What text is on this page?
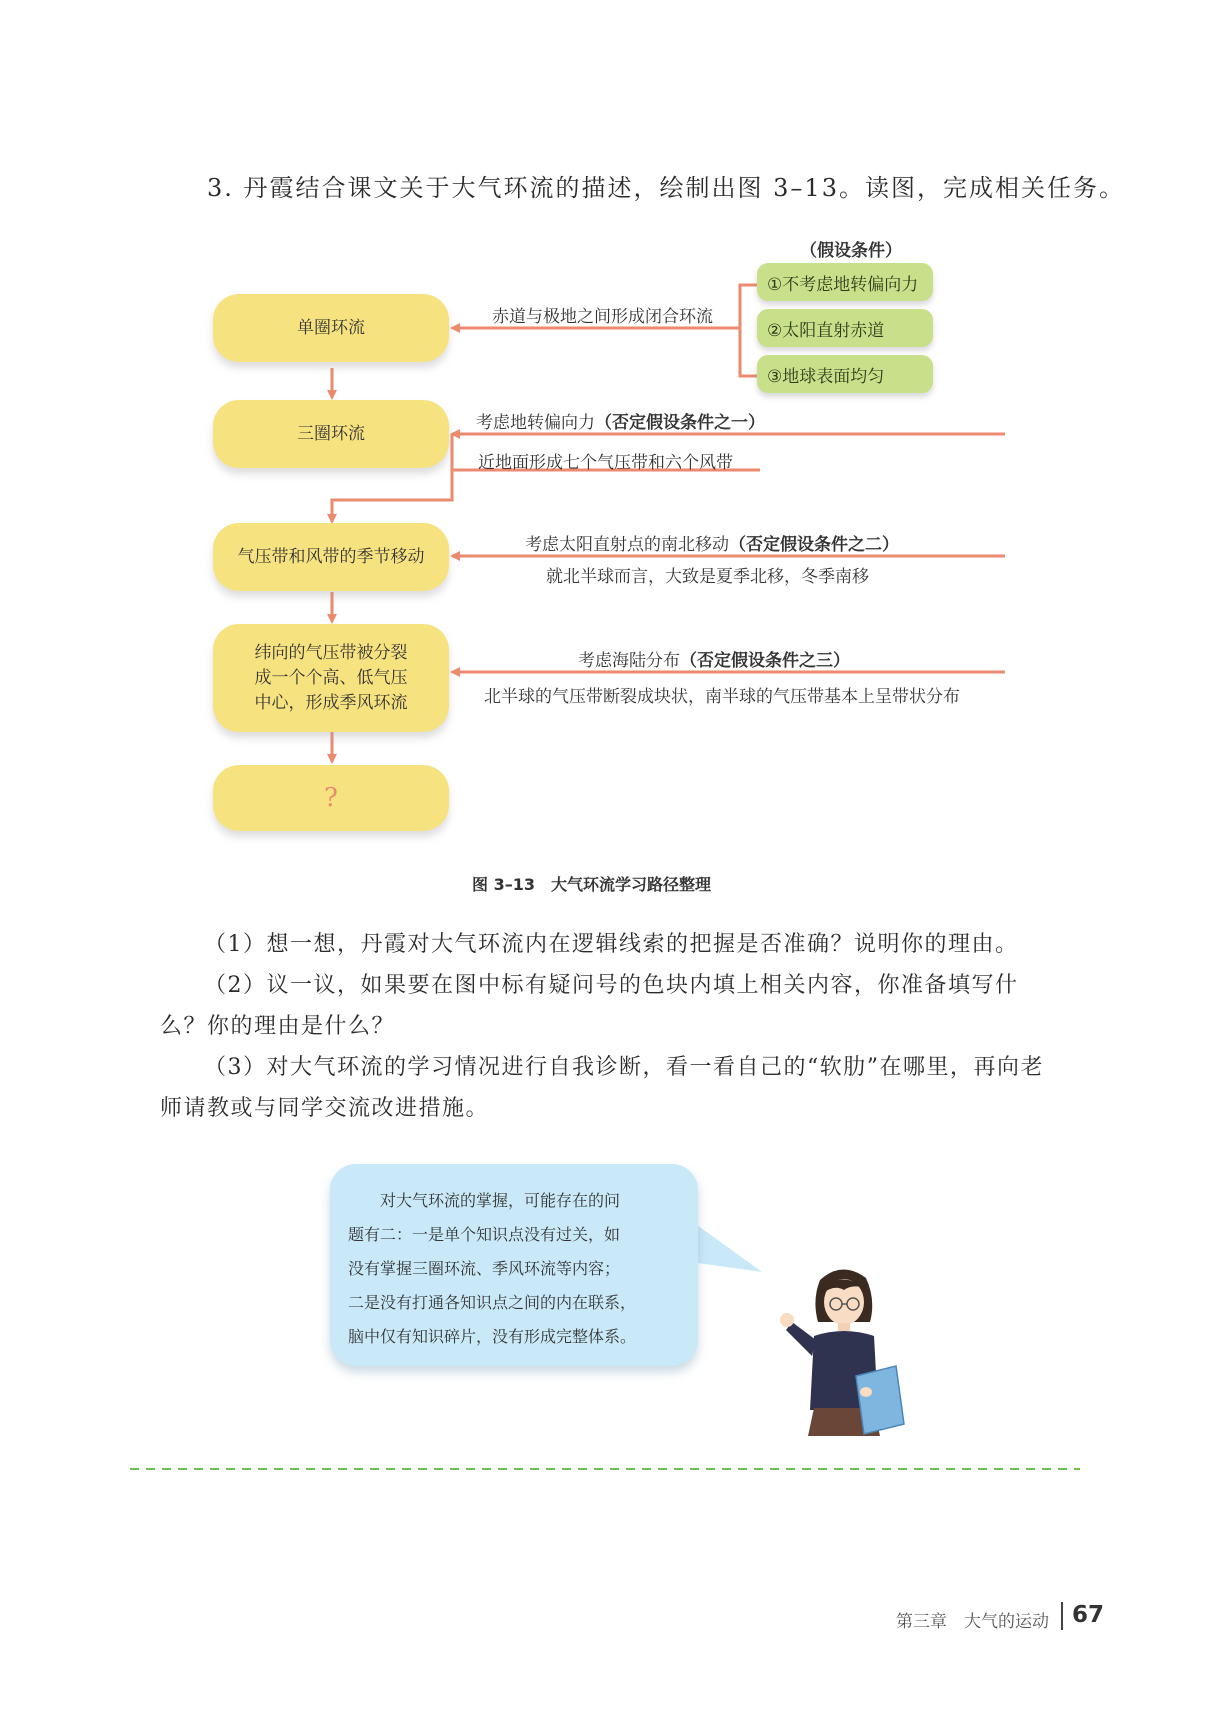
3. 丹霞结合课文关于大气环流的描述，绘制出图 3–13。读图，完成相关任务。
单圈环流
三圈环流
气压带和风带的季节移动
纬向的气压带被分裂
成一个个高、低气压
中心，形成季风环流
?
（假设条件）
①不考虑地转偏向力
②太阳直射赤道
③地球表面均匀
赤道与极地之间形成闭合环流
考虑地转偏向力（否定假设条件之一）
近地面形成七个气压带和六个风带
考虑太阳直射点的南北移动（否定假设条件之二）
就北半球而言，大致是夏季北移，冬季南移
考虑海陆分布（否定假设条件之三）
北半球的气压带断裂成块状，南半球的气压带基本上呈带状分布
图 3–13　大气环流学习路径整理
（1）想一想，丹霞对大气环流内在逻辑线索的把握是否准确？说明你的理由。
（2）议一议，如果要在图中标有疑问号的色块内填上相关内容，你准备填写什么？你的理由是什么？
（3）对大气环流的学习情况进行自我诊断，看一看自己的“软肋”在哪里，再向老师请教或与同学交流改进措施。
　　对大气环流的掌握，可能存在的问
题有二：一是单个知识点没有过关，如
没有掌握三圈环流、季风环流等内容；
二是没有打通各知识点之间的内在联系，
脑中仅有知识碎片，没有形成完整体系。
第三章　大气的运动 67
